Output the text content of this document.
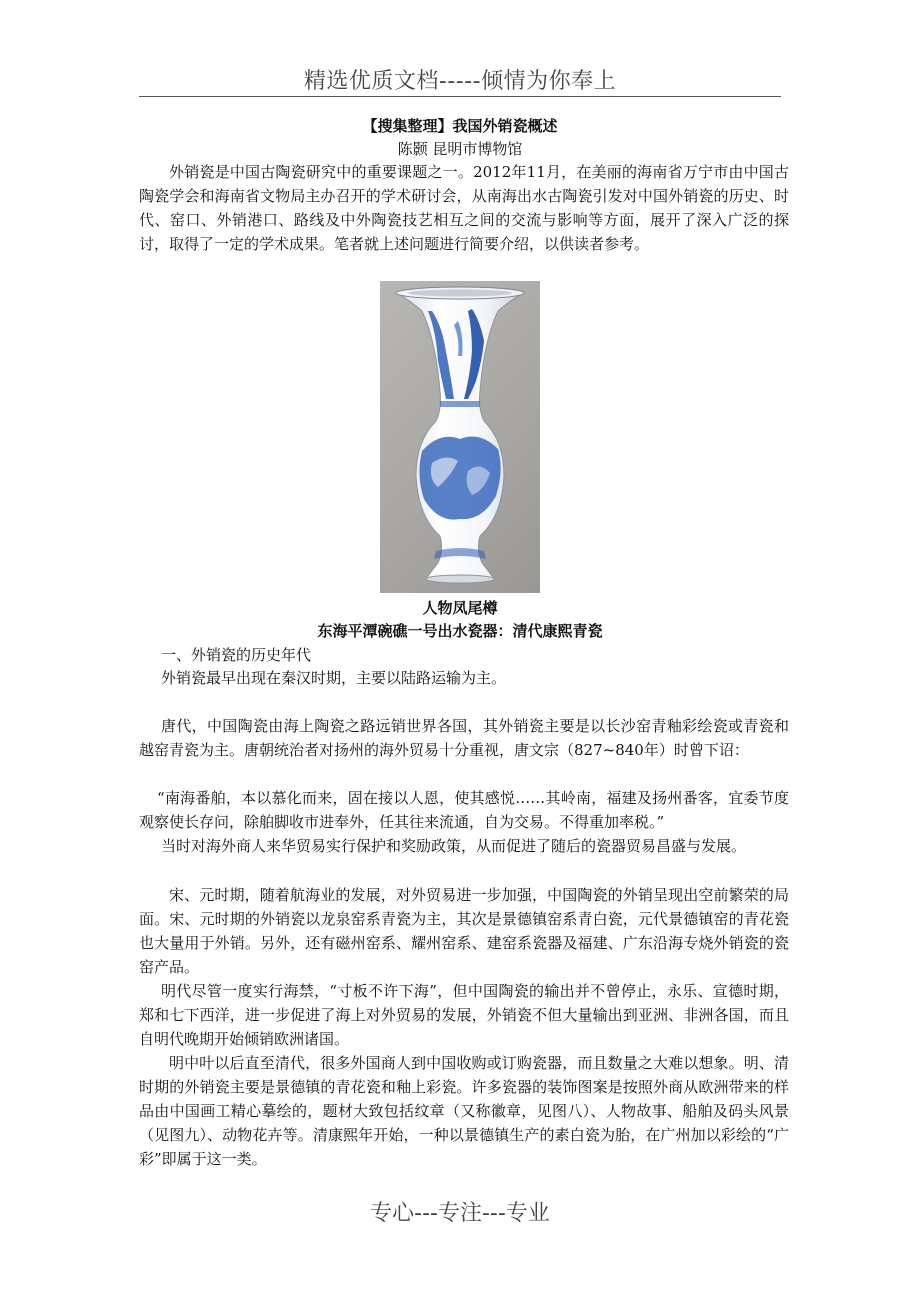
精选优质文档-----倾情为你奉上
【搜集整理】我国外销瓷概述
陈颢 昆明市博物馆

外销瓷是中国古陶瓷研究中的重要课题之一。2012年11月，在美丽的海南省万宁市由中国古陶瓷学会和海南省文物局主办召开的学术研讨会，从南海出水古陶瓷引发对中国外销瓷的历史、时代、窑口、外销港口、路线及中外陶瓷技艺相互之间的交流与影响等方面，展开了深入广泛的探讨，取得了一定的学术成果。笔者就上述问题进行简要介绍，以供读者参考。

人物凤尾樽
东海平潭碗礁一号出水瓷器：清代康熙青瓷

一、外销瓷的历史年代

外销瓷最早出现在秦汉时期，主要以陆路运输为主。

唐代，中国陶瓷由海上陶瓷之路远销世界各国，其外销瓷主要是以长沙窑青釉彩绘瓷或青瓷和越窑青瓷为主。唐朝统治者对扬州的海外贸易十分重视，唐文宗（827~840年）时曾下诏：

“南海番舶，本以慕化而来，固在接以人恩，使其感悦……其岭南，福建及扬州番客，宜委节度观察使长存问，除舶脚收市进奉外，任其往来流通，自为交易。不得重加率税。”

当时对海外商人来华贸易实行保护和奖励政策，从而促进了随后的瓷器贸易昌盛与发展。

宋、元时期，随着航海业的发展，对外贸易进一步加强，中国陶瓷的外销呈现出空前繁荣的局面。宋、元时期的外销瓷以龙泉窑系青瓷为主，其次是景德镇窑系青白瓷，元代景德镇窑的青花瓷也大量用于外销。另外，还有磁州窑系、耀州窑系、建窑系瓷器及福建、广东沿海专烧外销瓷的瓷窑产品。

明代尽管一度实行海禁，“寸板不许下海”，但中国陶瓷的输出并不曾停止，永乐、宣德时期，郑和七下西洋，进一步促进了海上对外贸易的发展，外销瓷不但大量输出到亚洲、非洲各国，而且自明代晚期开始倾销欧洲诸国。

明中叶以后直至清代，很多外国商人到中国收购或订购瓷器，而且数量之大难以想象。明、清时期的外销瓷主要是景德镇的青花瓷和釉上彩瓷。许多瓷器的装饰图案是按照外商从欧洲带来的样品由中国画工精心摹绘的，题材大致包括纹章（又称徽章，见图八）、人物故事、船舶及码头风景（见图九）、动物花卉等。清康熙年开始，一种以景德镇生产的素白瓷为胎，在广州加以彩绘的“广彩”即属于这一类。

专心---专注---专业
